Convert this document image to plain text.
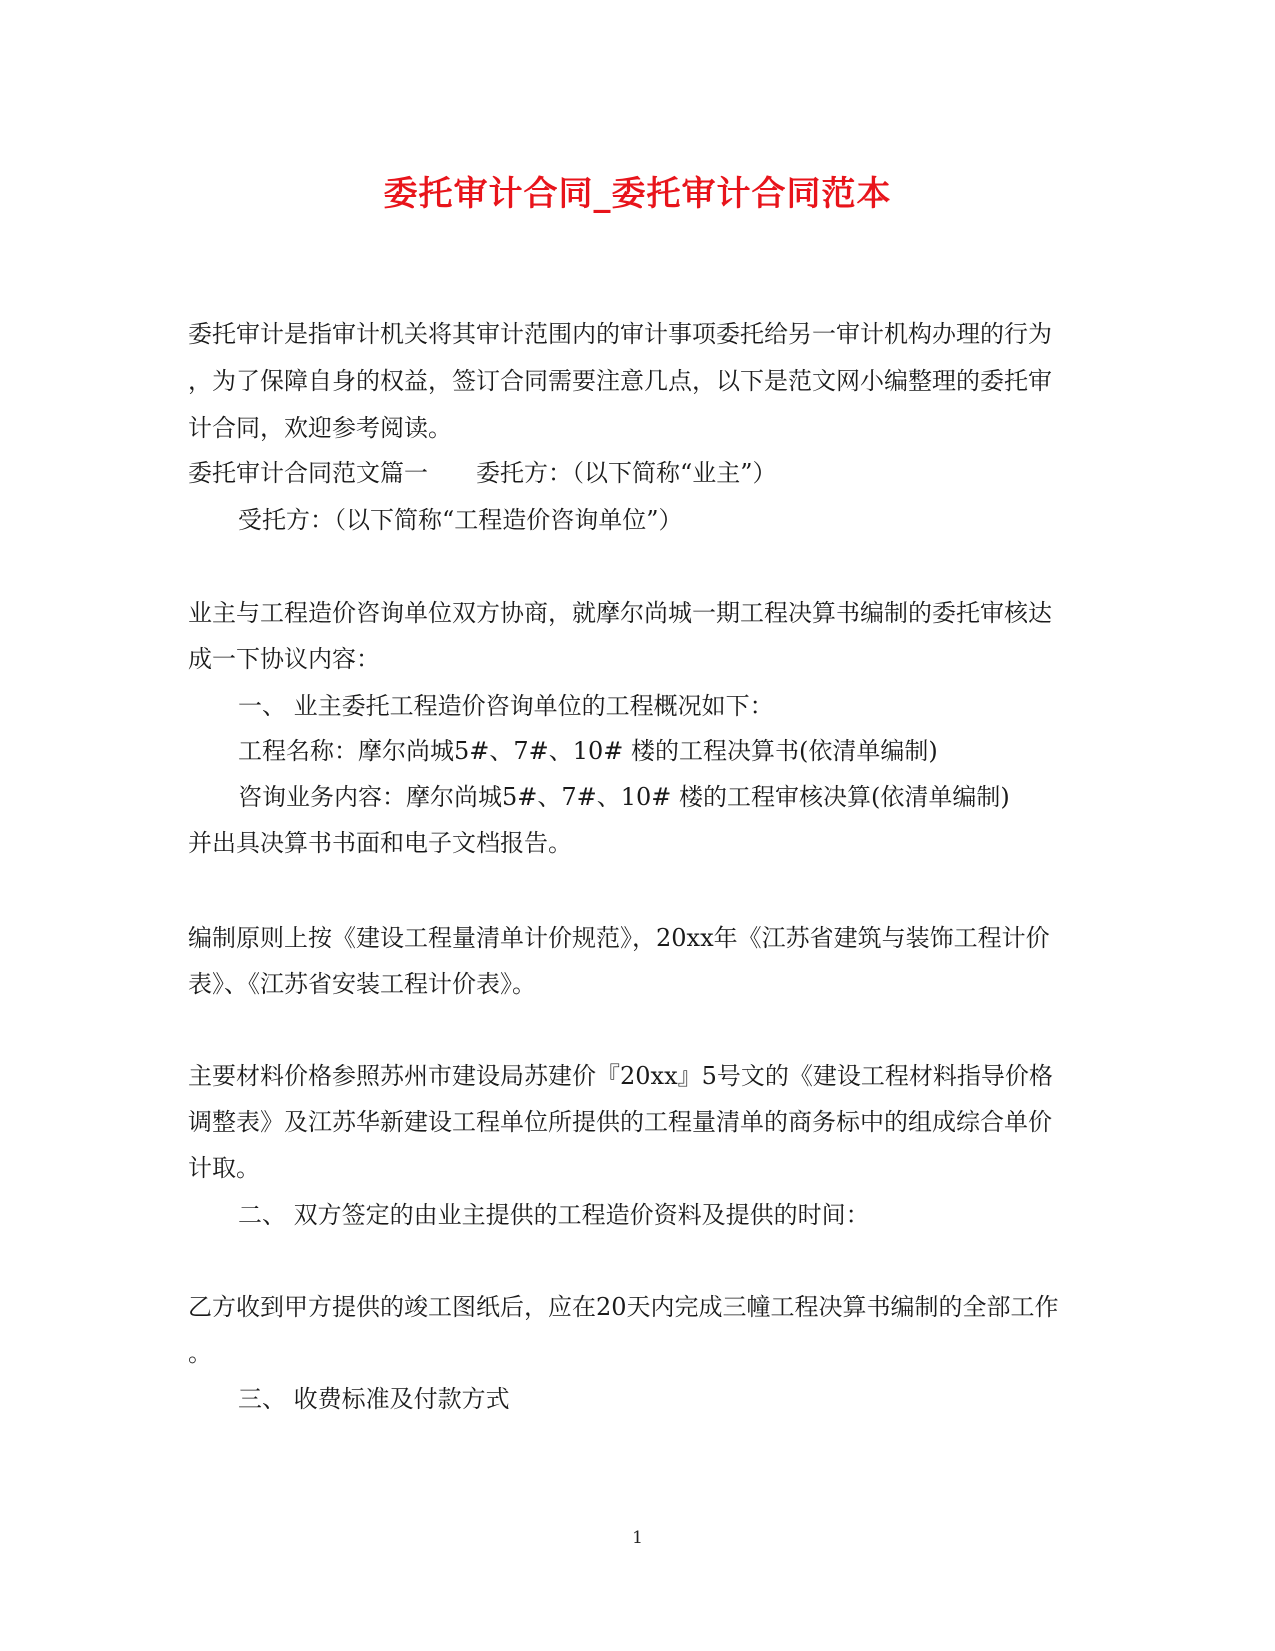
委托审计合同_委托审计合同范本
委托审计是指审计机关将其审计范围内的审计事项委托给另一审计机构办理的行为
，为了保障自身的权益，签订合同需要注意几点，以下是范文网小编整理的委托审
计合同，欢迎参考阅读。
委托审计合同范文篇一　　委托方：（以下简称“业主”）
受托方：（以下简称“工程造价咨询单位”）
业主与工程造价咨询单位双方协商，就摩尔尚城一期工程决算书编制的委托审核达
成一下协议内容：
一、 业主委托工程造价咨询单位的工程概况如下：
工程名称：摩尔尚城5#、7#、10# 楼的工程决算书(依清单编制)
咨询业务内容：摩尔尚城5#、7#、10# 楼的工程审核决算(依清单编制)
并出具决算书书面和电子文档报告。
编制原则上按《建设工程量清单计价规范》，20xx年《江苏省建筑与装饰工程计价
表》、《江苏省安装工程计价表》。
主要材料价格参照苏州市建设局苏建价『20xx』5号文的《建设工程材料指导价格
调整表》及江苏华新建设工程单位所提供的工程量清单的商务标中的组成综合单价
计取。
二、 双方签定的由业主提供的工程造价资料及提供的时间：
乙方收到甲方提供的竣工图纸后，应在20天内完成三幢工程决算书编制的全部工作
。
三、 收费标准及付款方式
1
